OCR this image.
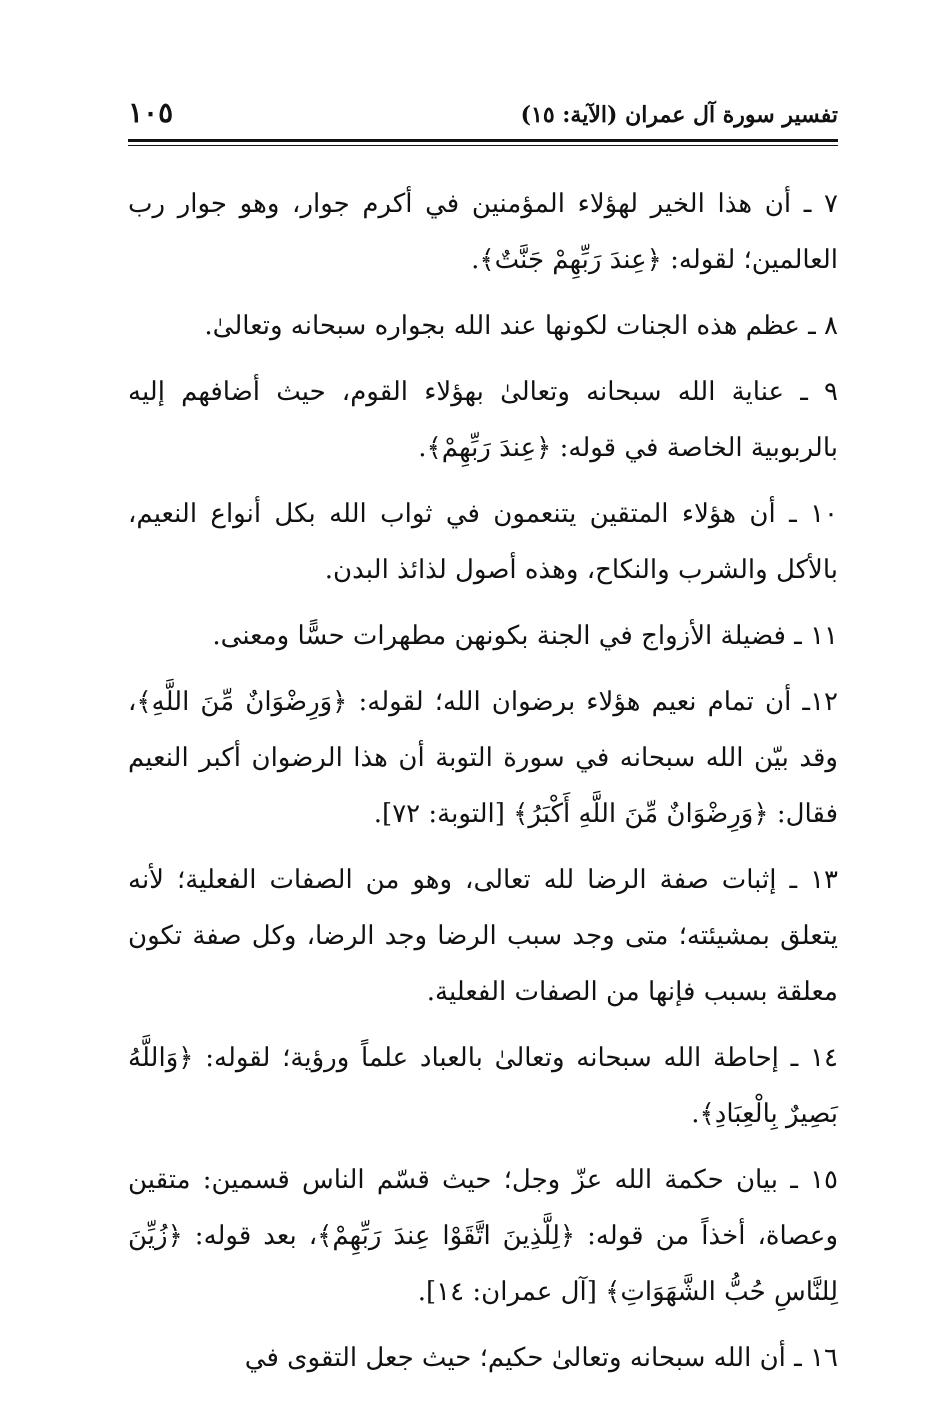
تفسير سورة آل عمران (الآية: ١٥)
١٠٥

٧ ـ أن هذا الخير لهؤلاء المؤمنين في أكرم جوار، وهو جوار رب العالمين؛ لقوله: ﴿عِندَ رَبِّهِمْ جَنَّتٌ﴾.

٨ ـ عظم هذه الجنات لكونها عند الله بجواره سبحانه وتعالىٰ.

٩ ـ عناية الله سبحانه وتعالىٰ بهؤلاء القوم، حيث أضافهم إليه بالربوبية الخاصة في قوله: ﴿عِندَ رَبِّهِمْ﴾.

١٠ ـ أن هؤلاء المتقين يتنعمون في ثواب الله بكل أنواع النعيم، بالأكل والشرب والنكاح، وهذه أصول لذائذ البدن.

١١ ـ فضيلة الأزواج في الجنة بكونهن مطهرات حسًّا ومعنى.

١٢ـ أن تمام نعيم هؤلاء برضوان الله؛ لقوله: ﴿وَرِضْوَانٌ مِّنَ اللَّهِ﴾، وقد بيّن الله سبحانه في سورة التوبة أن هذا الرضوان أكبر النعيم فقال: ﴿وَرِضْوَانٌ مِّنَ اللَّهِ أَكْبَرُ﴾ [التوبة: ٧٢].

١٣ ـ إثبات صفة الرضا لله تعالى، وهو من الصفات الفعلية؛ لأنه يتعلق بمشيئته؛ متى وجد سبب الرضا وجد الرضا، وكل صفة تكون معلقة بسبب فإنها من الصفات الفعلية.

١٤ ـ إحاطة الله سبحانه وتعالىٰ بالعباد علماً ورؤية؛ لقوله: ﴿وَاللَّهُ بَصِيرٌ بِالْعِبَادِ﴾.

١٥ ـ بيان حكمة الله عزّ وجل؛ حيث قسّم الناس قسمين: متقين وعصاة، أخذاً من قوله: ﴿لِلَّذِينَ اتَّقَوْا عِندَ رَبِّهِمْ﴾، بعد قوله: ﴿زُيِّنَ لِلنَّاسِ حُبُّ الشَّهَوَاتِ﴾ [آل عمران: ١٤].

١٦ ـ أن الله سبحانه وتعالىٰ حكيم؛ حيث جعل التقوى في
